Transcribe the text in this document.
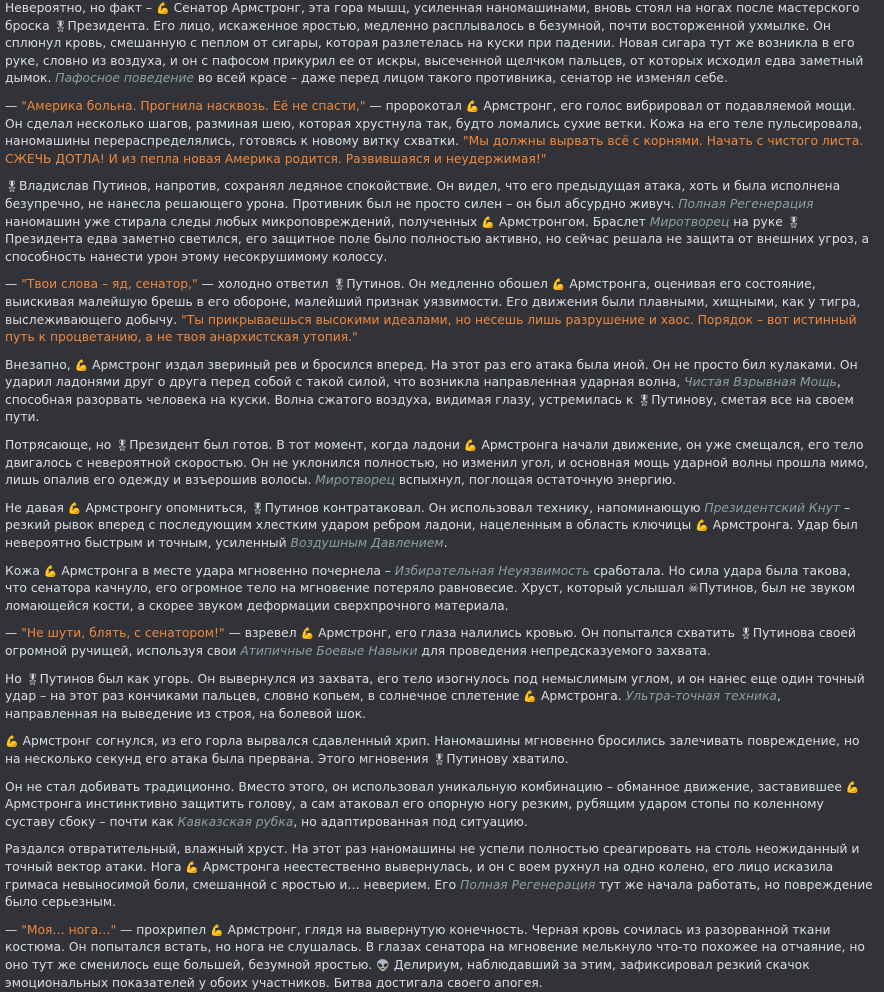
Невероятно, но факт – 💪 Сенатор Армстронг, эта гора мышц, усиленная наномашинами, вновь стоял на ногах после мастерского броска 🎖Президента. Его лицо, искаженное яростью, медленно расплывалось в безумной, почти восторженной ухмылке. Он сплюнул кровь, смешанную с пеплом от сигары, которая разлетелась на куски при падении. Новая сигара тут же возникла в его руке, словно из воздуха, и он с пафосом прикурил ее от искры, высеченной щелчком пальцев, от которых исходил едва заметный дымок. Пафосное поведение во всей красе – даже перед лицом такого противника, сенатор не изменял себе.

— "Америка больна. Прогнила насквозь. Её не спасти," — пророкотал 💪 Армстронг, его голос вибрировал от подавляемой мощи. Он сделал несколько шагов, разминая шею, которая хрустнула так, будто ломались сухие ветки. Кожа на его теле пульсировала, наномашины перераспределялись, готовясь к новому витку схватки. "Мы должны вырвать всё с корнями. Начать с чистого листа. СЖЕЧЬ ДОТЛА! И из пепла новая Америка родится. Развившаяся и неудержимая!"

🎖Владислав Путинов, напротив, сохранял ледяное спокойствие. Он видел, что его предыдущая атака, хоть и была исполнена безупречно, не нанесла решающего урона. Противник был не просто силен – он был абсурдно живуч. Полная Регенерация наномашин уже стирала следы любых микроповреждений, полученных 💪 Армстронгом. Браслет Миротворец на руке 🎖Президента едва заметно светился, его защитное поле было полностью активно, но сейчас решала не защита от внешних угроз, а способность нанести урон этому несокрушимому колоссу.

— "Твои слова – яд, сенатор," — холодно ответил 🎖Путинов. Он медленно обошел 💪 Армстронга, оценивая его состояние, выискивая малейшую брешь в его обороне, малейший признак уязвимости. Его движения были плавными, хищными, как у тигра, выслеживающего добычу. "Ты прикрываешься высокими идеалами, но несешь лишь разрушение и хаос. Порядок – вот истинный путь к процветанию, а не твоя анархистская утопия."

Внезапно, 💪 Армстронг издал звериный рев и бросился вперед. На этот раз его атака была иной. Он не просто бил кулаками. Он ударил ладонями друг о друга перед собой с такой силой, что возникла направленная ударная волна, Чистая Взрывная Мощь, способная разорвать человека на куски. Волна сжатого воздуха, видимая глазу, устремилась к 🎖Путинову, сметая все на своем пути.

Потрясающе, но 🎖Президент был готов. В тот момент, когда ладони 💪 Армстронга начали движение, он уже смещался, его тело двигалось с невероятной скоростью. Он не уклонился полностью, но изменил угол, и основная мощь ударной волны прошла мимо, лишь опалив его одежду и взъерошив волосы. Миротворец вспыхнул, поглощая остаточную энергию.

Не давая 💪 Армстронгу опомниться, 🎖Путинов контратаковал. Он использовал технику, напоминающую Президентский Кнут – резкий рывок вперед с последующим хлестким ударом ребром ладони, нацеленным в область ключицы 💪 Армстронга. Удар был невероятно быстрым и точным, усиленный Воздушным Давлением.

Кожа 💪 Армстронга в месте удара мгновенно почернела – Избирательная Неуязвимость сработала. Но сила удара была такова, что сенатора качнуло, его огромное тело на мгновение потеряло равновесие. Хруст, который услышал ☠Путинов, был не звуком ломающейся кости, а скорее звуком деформации сверхпрочного материала.

— "Не шути, блять, с сенатором!" — взревел 💪 Армстронг, его глаза налились кровью. Он попытался схватить 🎖Путинова своей огромной ручищей, используя свои Атипичные Боевые Навыки для проведения непредсказуемого захвата.

Но 🎖Путинов был как угорь. Он вывернулся из захвата, его тело изогнулось под немыслимым углом, и он нанес еще один точный удар – на этот раз кончиками пальцев, словно копьем, в солнечное сплетение 💪 Армстронга. Ультра-точная техника, направленная на выведение из строя, на болевой шок.

💪 Армстронг согнулся, из его горла вырвался сдавленный хрип. Наномашины мгновенно бросились залечивать повреждение, но на несколько секунд его атака была прервана. Этого мгновения 🎖Путинову хватило.

Он не стал добивать традиционно. Вместо этого, он использовал уникальную комбинацию – обманное движение, заставившее 💪 Армстронга инстинктивно защитить голову, а сам атаковал его опорную ногу резким, рубящим ударом стопы по коленному суставу сбоку – почти как Кавказская рубка, но адаптированная под ситуацию.

Раздался отвратительный, влажный хруст. На этот раз наномашины не успели полностью среагировать на столь неожиданный и точный вектор атаки. Нога 💪 Армстронга неестественно вывернулась, и он с воем рухнул на одно колено, его лицо исказила гримаса невыносимой боли, смешанной с яростью и… неверием. Его Полная Регенерация тут же начала работать, но повреждение было серьезным.

— "Моя… нога…" — прохрипел 💪 Армстронг, глядя на вывернутую конечность. Черная кровь сочилась из разорванной ткани костюма. Он попытался встать, но нога не слушалась. В глазах сенатора на мгновение мелькнуло что-то похожее на отчаяние, но оно тут же сменилось еще большей, безумной яростью. 👽 Делириум, наблюдавший за этим, зафиксировал резкий скачок эмоциональных показателей у обоих участников. Битва достигала своего апогея.
